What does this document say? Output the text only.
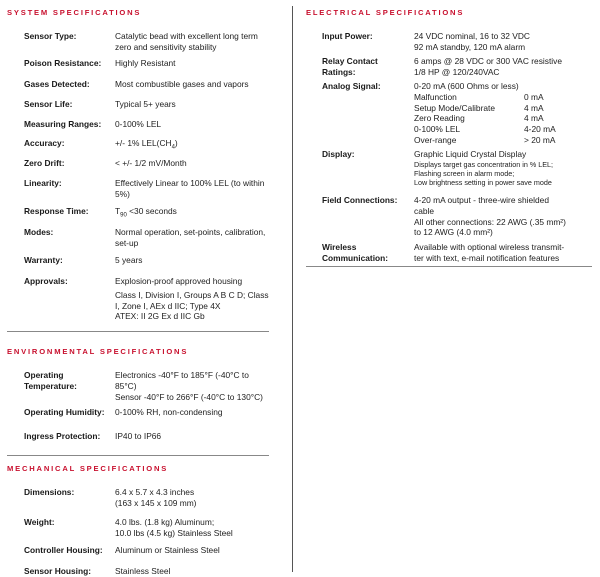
SYSTEM SPECIFICATIONS
Sensor Type:	Catalytic bead with excellent long term
zero and sensitivity stability
Poison Resistance: Highly Resistant
Gases Detected:	Most combustible gases and vapors
Sensor Life:	Typical 5+ years
Measuring Ranges: 0-100% LEL
Accuracy:	+/- 1% $LEL(CH_4)$
Zero Drift:	< +/- 1/2 mV/Month
Linearity:	Effectively Linear to 100% LEL (to within
5%)
Response Time:	$T_{90} <30$ seconds
Modes:	Normal operation, set-points, calibration,
set-up
Warranty:	5 years
Approvals:	Explosion-proof approved housing
Class I, Division I, Groups A B C D; Class
I, Zone I, AEx d IIC; Type 4X
ATEX: II 2G Ex d IIC Gb
ENVIRONMENTAL SPECIFICATIONS
Operating
Temperature:
Electronics -40°F to 185°F (-40°C to
85°C)
Sensor -40°F to 266°F (-40°C to 130°C)
Operating Humidity: 0-100% RH, non-condensing
Ingress Protection: IP40 to IP66
MECHANICAL SPECIFICATIONS
Dimensions:	6.4 x 5.7 x 4.3 inches
(163 x 145 x 109 mm)
Weight:	4.0 lbs. (1.8 kg) Aluminum;
10.0 lbs (4.5 kg) Stainless Steel
Controller Housing: Aluminum or Stainless Steel
Sensor Housing:	Stainless Steel
ELECTRICAL SPECIFICATIONS
Input Power:	24 VDC nominal, 16 to 32 VDC
92 mA standby, 120 mA alarm
Relay Contact
Ratings:
6 amps @ 28 VDC or 300 VAC resistive
1/8 HP @ 120/240VAC
Analog Signal:	0-20 mA (600 Ohms or less)
Malfunction	0 mA
Setup Mode/Calibrate	4 mA
Zero Reading	4 mA
0-100% LEL	4-20 mA
Over-range	> 20 mA
Display:	Graphic Liquid Crystal Display
Displays target gas concentration in % LEL;
Flashing screen in alarm mode;
Low brightness setting in power save mode
Field Connections: 4-20 mA output - three-wire shielded
cable
All other connections: 22 AWG (.35 mm²)
to 12 AWG (4.0 mm²)
Wireless
Communication:
Available with optional wireless transmit-
ter with text, e-mail notification features
